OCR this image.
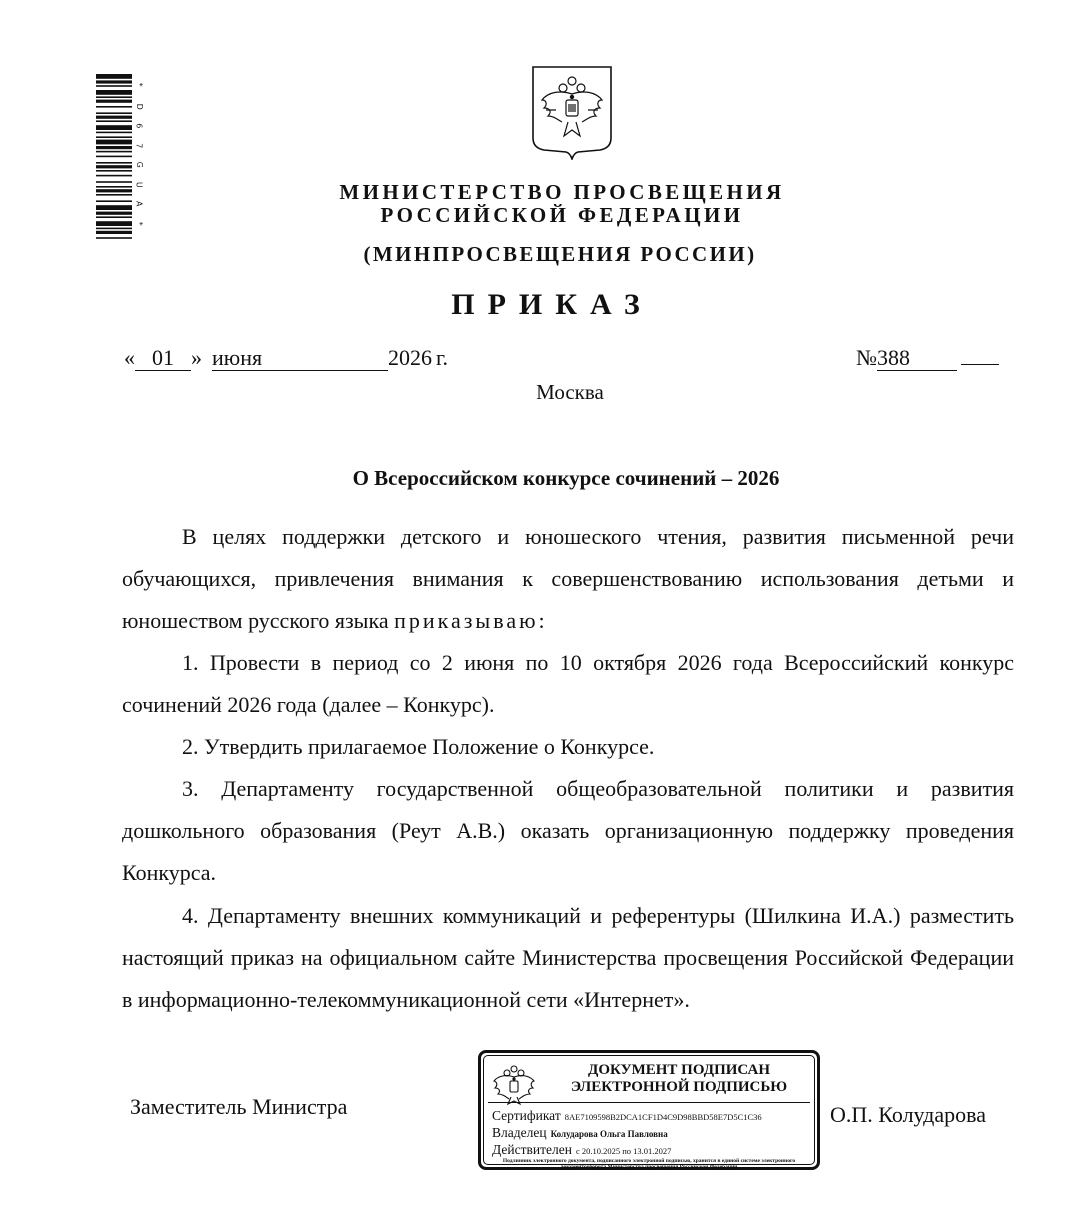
*
D
6
7
G
U
A
*
МИНИСТЕРСТВО ПРОСВЕЩЕНИЯ
РОССИЙСКОЙ ФЕДЕРАЦИИ
(МИНПРОСВЕЩЕНИЯ РОССИИ)
ПРИКАЗ
« 01 » июня	2026 г.	№ 388
Москва
О Всероссийском конкурсе сочинений – 2026
В целях поддержки детского и юношеского чтения, развития письменной речи обучающихся, привлечения внимания к совершенствованию использования детьми и юношеством русского языка приказываю:
1. Провести в период со 2 июня по 10 октября 2026 года Всероссийский конкурс сочинений 2026 года (далее – Конкурс).
2. Утвердить прилагаемое Положение о Конкурсе.
3. Департаменту государственной общеобразовательной политики и развития дошкольного образования (Реут А.В.) оказать организационную поддержку проведения Конкурса.
4. Департаменту внешних коммуникаций и референтуры (Шилкина И.А.) разместить настоящий приказ на официальном сайте Министерства просвещения Российской Федерации в информационно-телекоммуникационной сети «Интернет».
Заместитель Министра
ДОКУМЕНТ ПОДПИСАН
ЭЛЕКТРОННОЙ ПОДПИСЬЮ
Сертификат 8AE7109598B2DCA1CF1D4C9D98BBD58E7D5C1C36
Владелец Колударова Ольга Павловна
Действителен с 20.10.2025 по 13.01.2027
Подлинник электронного документа, подписанного электронной подписью, хранится в единой системе электронного документооборота Министерства просвещения Российской Федерации
О.П. Колударова
